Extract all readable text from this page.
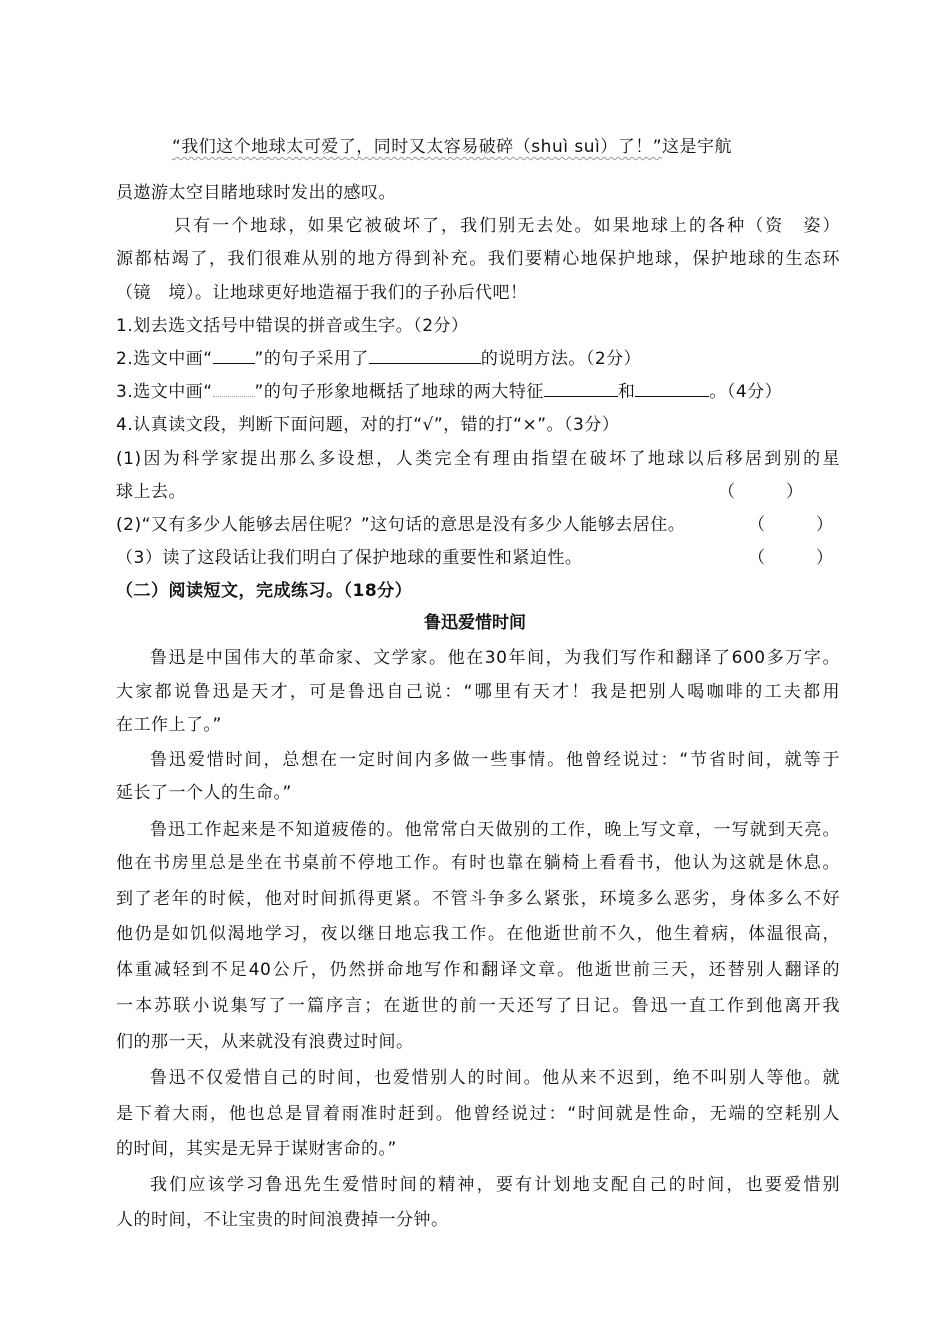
“我们这个地球太可爱了，同时又太容易破碎（shuì suì）了！”这是宇航
员遨游太空目睹地球时发出的感叹。
只有一个地球，如果它被破坏了，我们别无去处。如果地球上的各种（资　姿）
源都枯竭了，我们很难从别的地方得到补充。我们要精心地保护地球，保护地球的生态环
（镜　境）。让地球更好地造福于我们的子孙后代吧！
1.划去选文括号中错误的拼音或生字。（2分）
2.选文中画“ ”的句子采用了	的说明方法。（2分）
3.选文中画“ ”的句子形象地概括了地球的两大特征	和	。（4分）
4.认真读文段，判断下面问题，对的打“√”，错的打“×”。（3分）
(1)因为科学家提出那么多设想，人类完全有理由指望在破坏了地球以后移居到别的星
球上去。	（　　　）
(2)“又有多少人能够去居住呢？”这句话的意思是没有多少人能够去居住。	（　　　）
（3）读了这段话让我们明白了保护地球的重要性和紧迫性。	（　　　）
（二）阅读短文，完成练习。（18分）
鲁迅爱惜时间
鲁迅是中国伟大的革命家、文学家。他在30年间，为我们写作和翻译了600多万字。
大家都说鲁迅是天才，可是鲁迅自己说：“哪里有天才！我是把别人喝咖啡的工夫都用
在工作上了。”
鲁迅爱惜时间，总想在一定时间内多做一些事情。他曾经说过：“节省时间，就等于
延长了一个人的生命。”
鲁迅工作起来是不知道疲倦的。他常常白天做别的工作，晚上写文章，一写就到天亮。
他在书房里总是坐在书桌前不停地工作。有时也靠在躺椅上看看书，他认为这就是休息。
到了老年的时候，他对时间抓得更紧。不管斗争多么紧张，环境多么恶劣，身体多么不好
他仍是如饥似渴地学习，夜以继日地忘我工作。在他逝世前不久，他生着病，体温很高，
体重减轻到不足40公斤，仍然拼命地写作和翻译文章。他逝世前三天，还替别人翻译的
一本苏联小说集写了一篇序言；在逝世的前一天还写了日记。鲁迅一直工作到他离开我
们的那一天，从来就没有浪费过时间。
鲁迅不仅爱惜自己的时间，也爱惜别人的时间。他从来不迟到，绝不叫别人等他。就
是下着大雨，他也总是冒着雨准时赶到。他曾经说过：“时间就是性命，无端的空耗别人
的时间，其实是无异于谋财害命的。”
我们应该学习鲁迅先生爱惜时间的精神，要有计划地支配自己的时间，也要爱惜别
人的时间，不让宝贵的时间浪费掉一分钟。
